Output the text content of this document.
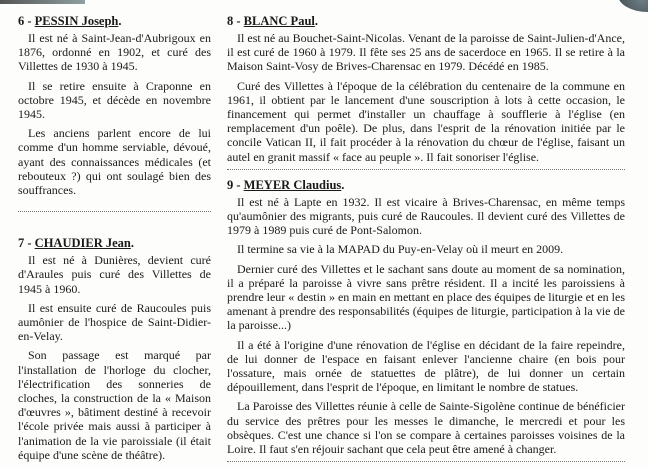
6 - PESSIN Joseph.

Il est né à Saint-Jean-d'Aubrigoux en 1876, ordonné en 1902, et curé des Villettes de 1930 à 1945.

Il se retire ensuite à Craponne en octobre 1945, et décède en novembre 1945.

Les anciens parlent encore de lui comme d'un homme serviable, dévoué, ayant des connaissances médicales (et rebouteux ?) qui ont soulagé bien des souffrances.

7 - CHAUDIER Jean.

Il est né à Dunières, devient curé d'Araules puis curé des Villettes de 1945 à 1960.

Il est ensuite curé de Raucoules puis aumônier de l'hospice de Saint-Didier-en-Velay.

Son passage est marqué par l'installation de l'horloge du clocher, l'électrification des sonneries de cloches, la construction de la « Maison d'œuvres », bâtiment destiné à recevoir l'école privée mais aussi à participer à l'animation de la vie paroissiale (il était équipe d'une scène de théâtre).

8 - BLANC Paul.

Il est né au Bouchet-Saint-Nicolas. Venant de la paroisse de Saint-Julien-d'Ance, il est curé de 1960 à 1979. Il fête ses 25 ans de sacerdoce en 1965. Il se retire à la Maison Saint-Vosy de Brives-Charensac en 1979. Décédé en 1985.

Curé des Villettes à l'époque de la célébration du centenaire de la commune en 1961, il obtient par le lancement d'une souscription à lots à cette occasion, le financement qui permet d'installer un chauffage à soufflerie à l'église (en remplacement d'un poêle). De plus, dans l'esprit de la rénovation initiée par le concile Vatican II, il fait procéder à la rénovation du chœur de l'église, faisant un autel en granit massif « face au peuple ». Il fait sonoriser l'église.

9 - MEYER Claudius.

Il est né à Lapte en 1932. Il est vicaire à Brives-Charensac, en même temps qu'aumônier des migrants, puis curé de Raucoules. Il devient curé des Villettes de 1979 à 1989 puis curé de Pont-Salomon.

Il termine sa vie à la MAPAD du Puy-en-Velay où il meurt en 2009.

Dernier curé des Villettes et le sachant sans doute au moment de sa nomination, il a préparé la paroisse à vivre sans prêtre résident. Il a incité les paroissiens à prendre leur « destin » en main en mettant en place des équipes de liturgie et en les amenant à prendre des responsabilités (équipes de liturgie, participation à la vie de la paroisse...)

Il a été à l'origine d'une rénovation de l'église en décidant de la faire repeindre, de lui donner de l'espace en faisant enlever l'ancienne chaire (en bois pour l'ossature, mais ornée de statuettes de plâtre), de lui donner un certain dépouillement, dans l'esprit de l'époque, en limitant le nombre de statues.

La Paroisse des Villettes réunie à celle de Sainte-Sigolène continue de bénéficier du service des prêtres pour les messes le dimanche, le mercredi et pour les obsèques. C'est une chance si l'on se compare à certaines paroisses voisines de la Loire. Il faut s'en réjouir sachant que cela peut être amené à changer.
